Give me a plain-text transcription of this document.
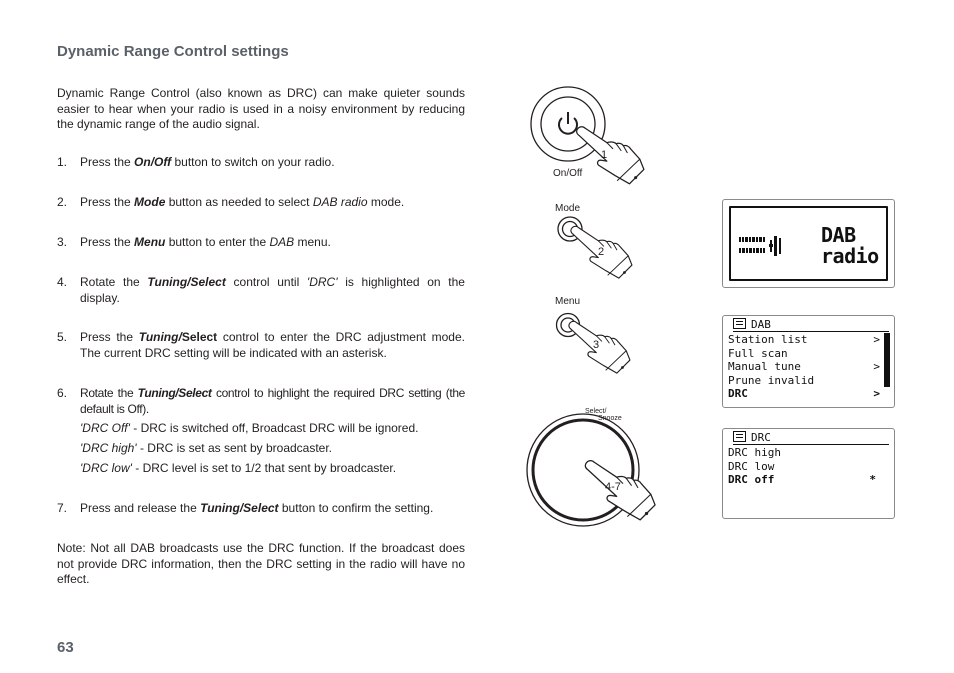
Dynamic Range Control settings
Dynamic Range Control (also known as DRC) can make quieter sounds easier to hear when your radio is used in a noisy environment by reducing the dynamic range of the audio signal.
1. Press the On/Off button to switch on your radio.
2. Press the Mode button as needed to select DAB radio mode.
3. Press the Menu button to enter the DAB menu.
4. Rotate the Tuning/Select control until 'DRC' is highlighted on the display.
5. Press the Tuning/Select control to enter the DRC adjustment mode. The current DRC setting will be indicated with an asterisk.
6. Rotate the Tuning/Select control to highlight the required DRC setting (the default is Off).
'DRC Off' - DRC is switched off, Broadcast DRC will be ignored.
'DRC high' - DRC is set as sent by broadcaster.
'DRC low' - DRC level is set to 1/2 that sent by broadcaster.
7. Press and release the Tuning/Select button to confirm the setting.
Note: Not all DAB broadcasts use the DRC function. If the broadcast does not provide DRC information, then the DRC setting in the radio will have no effect.
63
1
On/Off
Mode
2
Menu
3
Select/
Snooze
4-7
DAB
radio
DAB
Station list	>
Full scan
Manual tune	>
Prune invalid
DRC	>
DRC
DRC high
DRC low
DRC off	*
